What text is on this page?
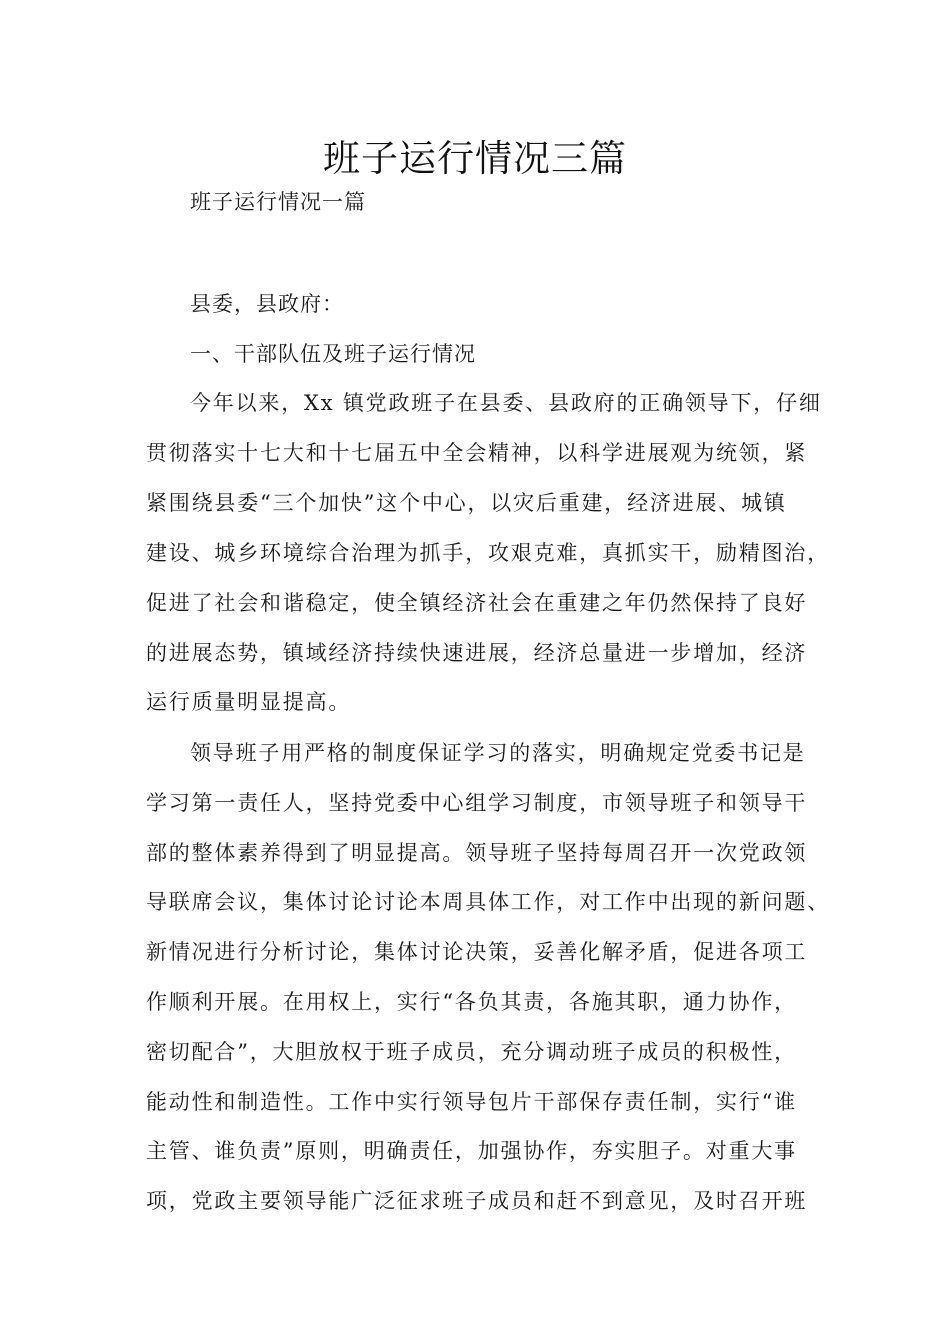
班子运行情况三篇
班子运行情况一篇
县委，县政府：
一、干部队伍及班子运行情况
今年以来，Xx 镇党政班子在县委、县政府的正确领导下，仔细
贯彻落实十七大和十七届五中全会精神，以科学进展观为统领，紧
紧围绕县委“三个加快”这个中心，以灾后重建，经济进展、城镇
建设、城乡环境综合治理为抓手，攻艰克难，真抓实干，励精图治，
促进了社会和谐稳定，使全镇经济社会在重建之年仍然保持了良好
的进展态势，镇域经济持续快速进展，经济总量进一步增加，经济
运行质量明显提高。
领导班子用严格的制度保证学习的落实，明确规定党委书记是
学习第一责任人，坚持党委中心组学习制度，市领导班子和领导干
部的整体素养得到了明显提高。领导班子坚持每周召开一次党政领
导联席会议，集体讨论讨论本周具体工作，对工作中出现的新问题、
新情况进行分析讨论，集体讨论决策，妥善化解矛盾，促进各项工
作顺利开展。在用权上，实行“各负其责，各施其职，通力协作，
密切配合”，大胆放权于班子成员，充分调动班子成员的积极性，
能动性和制造性。工作中实行领导包片干部保存责任制，实行“谁
主管、谁负责”原则，明确责任，加强协作，夯实胆子。对重大事
项，党政主要领导能广泛征求班子成员和赶不到意见，及时召开班
